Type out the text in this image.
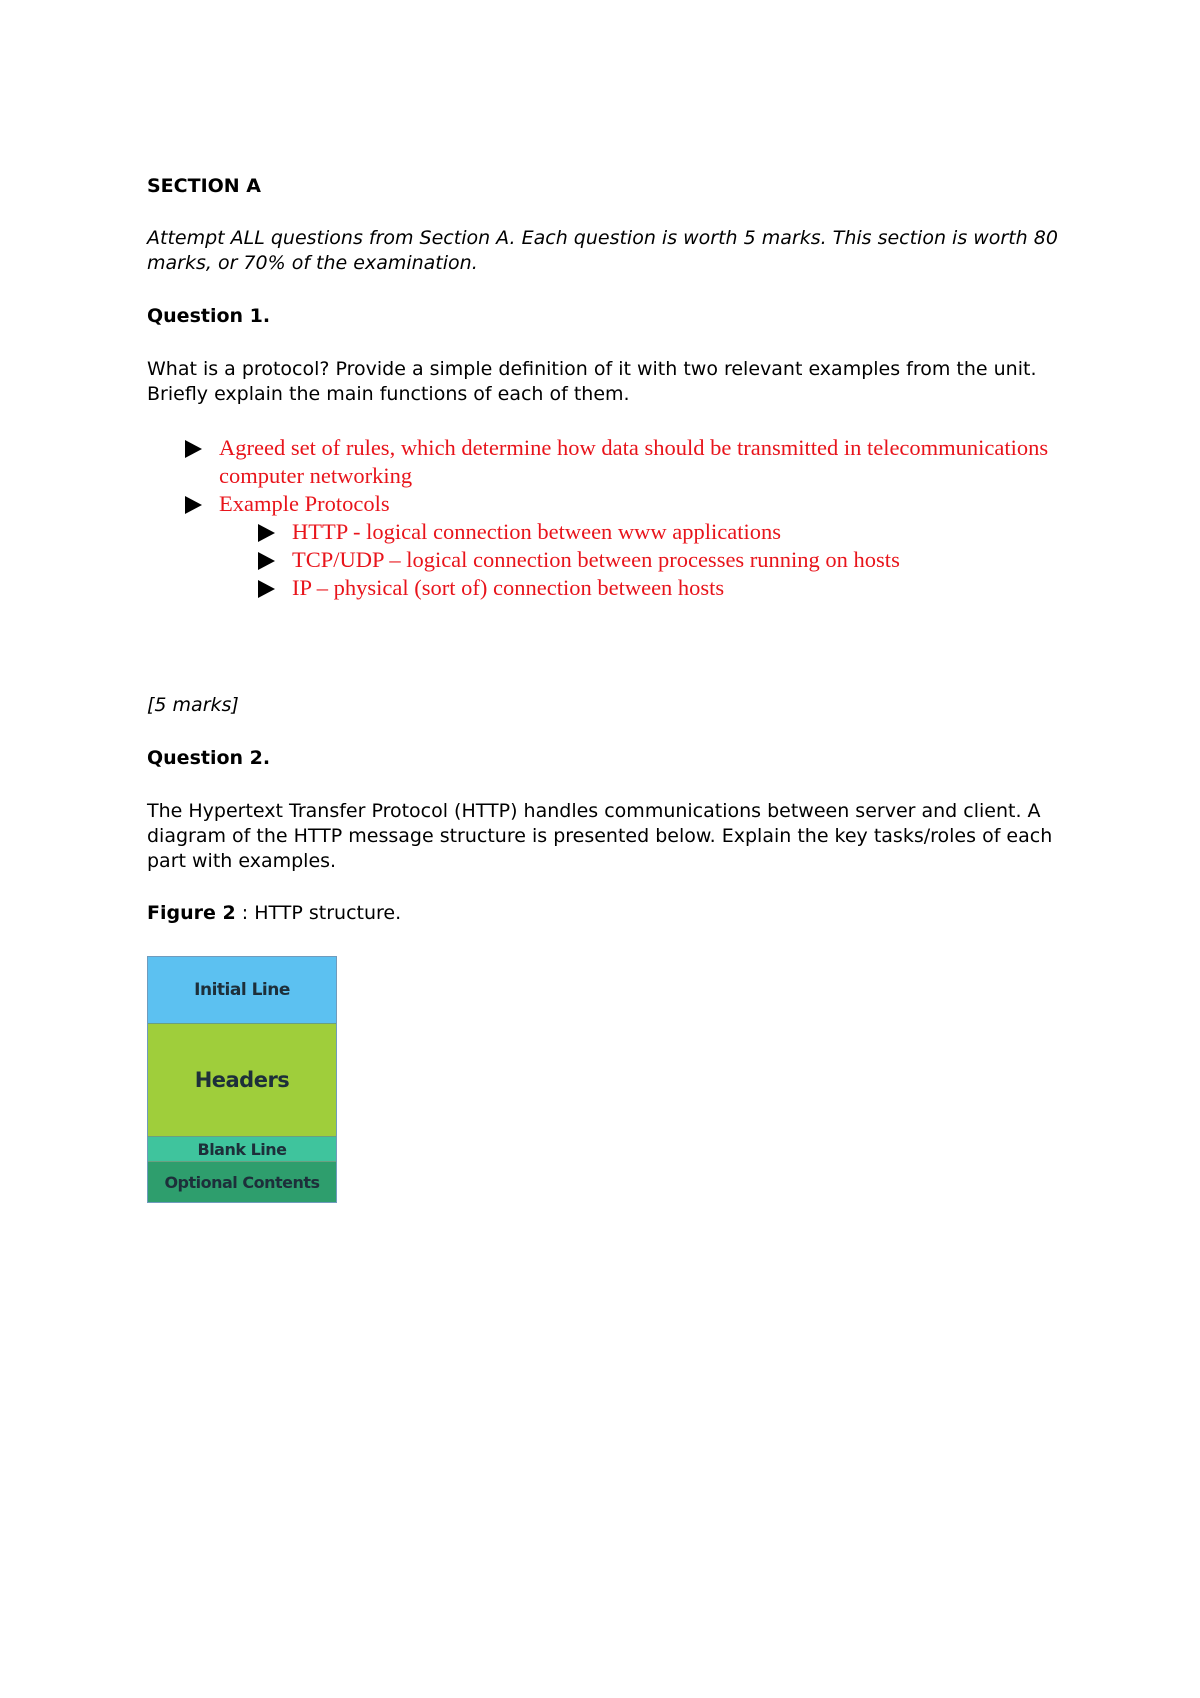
SECTION A

Attempt ALL questions from Section A. Each question is worth 5 marks. This section is worth 80 marks, or 70% of the examination.

Question 1.

What is a protocol? Provide a simple definition of it with two relevant examples from the unit. Briefly explain the main functions of each of them.

Agreed set of rules, which determine how data should be transmitted in telecommunications computer networking
Example Protocols
HTTP - logical connection between www applications
TCP/UDP – logical connection between processes running on hosts
IP – physical (sort of) connection between hosts

[5 marks]

Question 2.

The Hypertext Transfer Protocol (HTTP) handles communications between server and client. A diagram of the HTTP message structure is presented below. Explain the key tasks/roles of each part with examples.

Figure 2 : HTTP structure.

Initial Line
Headers
Blank Line
Optional Contents
